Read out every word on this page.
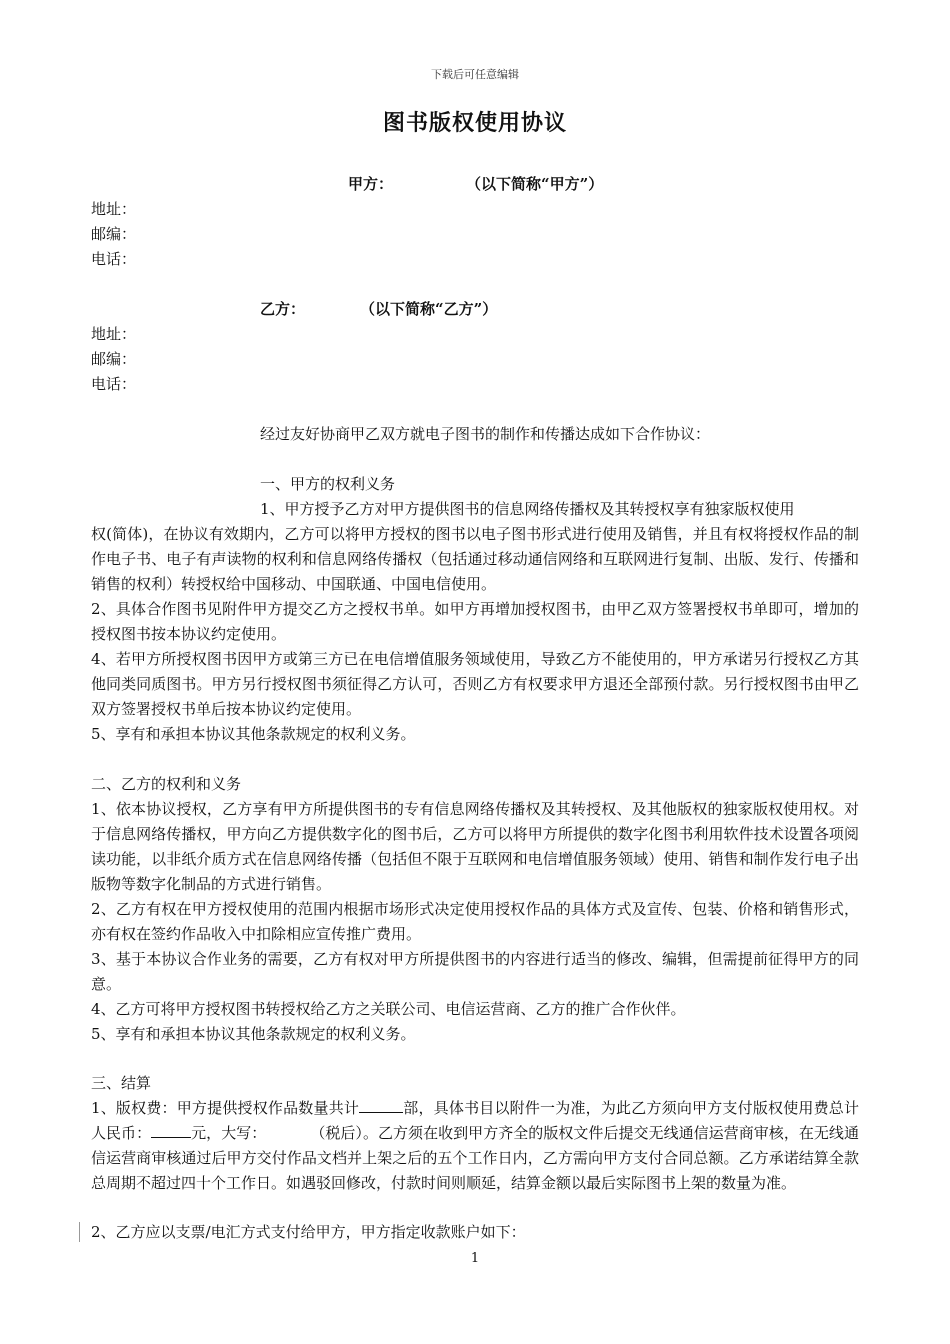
下载后可任意编辑
图书版权使用协议
甲方：	（以下简称“甲方”）
地址：
邮编：
电话：
乙方：	（以下简称“乙方”）
地址：
邮编：
电话：
经过友好协商甲乙双方就电子图书的制作和传播达成如下合作协议：
一、甲方的权利义务
1、甲方授予乙方对甲方提供图书的信息网络传播权及其转授权享有独家版权使用
权(简体)，在协议有效期内，乙方可以将甲方授权的图书以电子图书形式进行使用及销售，并且有权将授权作品的制作电子书、电子有声读物的权利和信息网络传播权（包括通过移动通信网络和互联网进行复制、出版、发行、传播和销售的权利）转授权给中国移动、中国联通、中国电信使用。
2、具体合作图书见附件甲方提交乙方之授权书单。如甲方再增加授权图书，由甲乙双方签署授权书单即可，增加的授权图书按本协议约定使用。
4、若甲方所授权图书因甲方或第三方已在电信增值服务领域使用，导致乙方不能使用的，甲方承诺另行授权乙方其他同类同质图书。甲方另行授权图书须征得乙方认可，否则乙方有权要求甲方退还全部预付款。另行授权图书由甲乙双方签署授权书单后按本协议约定使用。
5、享有和承担本协议其他条款规定的权利义务。
二、乙方的权利和义务
1、依本协议授权，乙方享有甲方所提供图书的专有信息网络传播权及其转授权、及其他版权的独家版权使用权。对于信息网络传播权，甲方向乙方提供数字化的图书后，乙方可以将甲方所提供的数字化图书利用软件技术设置各项阅读功能，以非纸介质方式在信息网络传播（包括但不限于互联网和电信增值服务领域）使用、销售和制作发行电子出版物等数字化制品的方式进行销售。
2、乙方有权在甲方授权使用的范围内根据市场形式决定使用授权作品的具体方式及宣传、包装、价格和销售形式，亦有权在签约作品收入中扣除相应宣传推广费用。
3、基于本协议合作业务的需要，乙方有权对甲方所提供图书的内容进行适当的修改、编辑，但需提前征得甲方的同意。
4、乙方可将甲方授权图书转授权给乙方之关联公司、电信运营商、乙方的推广合作伙伴。
5、享有和承担本协议其他条款规定的权利义务。
三、结算
1、版权费：甲方提供授权作品数量共计	部，具体书目以附件一为准，为此乙方须向甲方支付版权使用费总计人民币：	元，大写：	（税后）。乙方须在收到甲方齐全的版权文件后提交无线通信运营商审核，在无线通信运营商审核通过后甲方交付作品文档并上架之后的五个工作日内，乙方需向甲方支付合同总额。乙方承诺结算全款总周期不超过四十个工作日。如遇驳回修改，付款时间则顺延，结算金额以最后实际图书上架的数量为准。
2、乙方应以支票/电汇方式支付给甲方，甲方指定收款账户如下：
1
